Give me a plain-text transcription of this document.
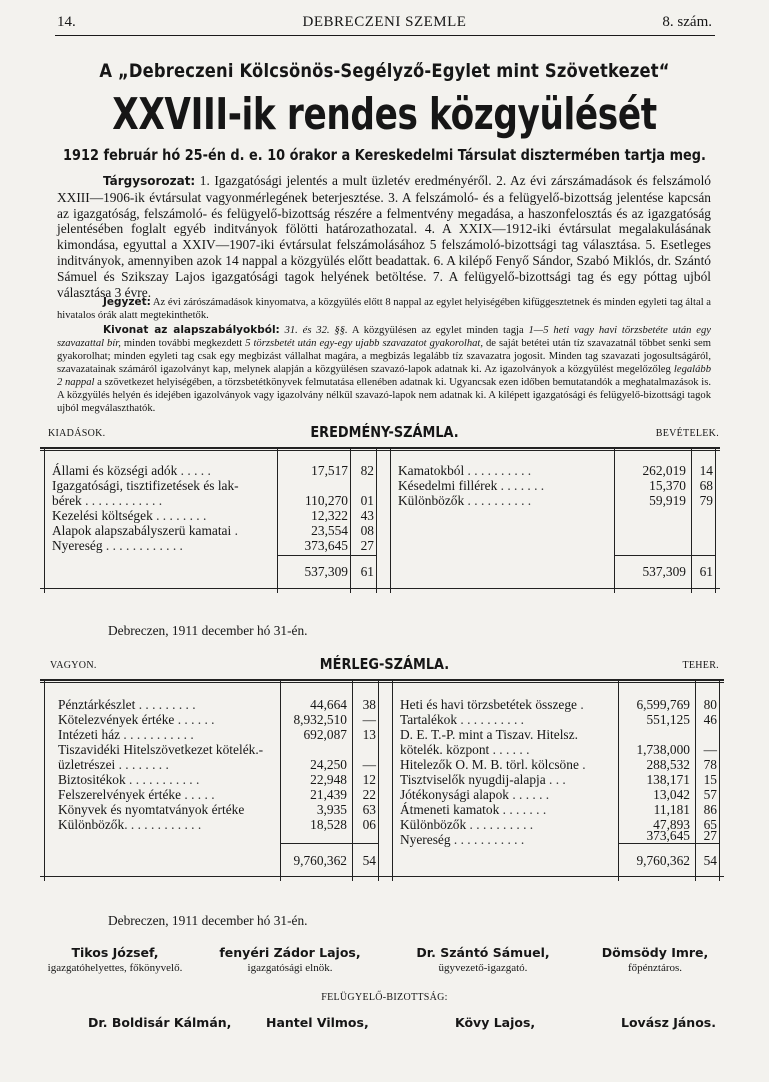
14.	DEBRECZENI SZEMLE	8. szám.
A „Debreczeni Kölcsönös-Segélyző-Egylet mint Szövetkezet“
XXVIII-ik rendes közgyülését
1912 február hó 25-én d. e. 10 órakor a Kereskedelmi Társulat disztermében tartja meg.
Tárgysorozat: 1. Igazgatósági jelentés a mult üzletév eredményéről. 2. Az évi zárszámadások és felszámoló XXIII—1906-ik évtársulat vagyonmérlegének beterjesztése. 3. A felszámoló- és a felügyelő-bizottság jelentése kapcsán az igazgatóság, felszámoló- és felügyelő-bizottság részére a felmentvény megadása, a haszonfelosztás és az igazgatóság jelentésében foglalt egyéb inditványok fölötti határozathozatal. 4. A XXIX—1912-iki évtársulat megalakulásának kimondása, egyuttal a XXIV—1907-iki évtársulat felszámolásához 5 felszámoló-bizottsági tag választása. 5. Esetleges inditványok, amennyiben azok 14 nappal a közgyülés előtt beadattak. 6. A kilépő Fenyő Sándor, Szabó Miklós, dr. Szántó Sámuel és Szikszay Lajos igazgatósági tagok helyének betöltése. 7. A felügyelő-bizottsági tag és egy póttag ujból választása 3 évre.
Jegyzet: Az évi zárószámadások kinyomatva, a közgyülés előtt 8 nappal az egylet helyiségében kifüggesztetnek és minden egyleti tag által a hivatalos órák alatt megtekinthetők.
Kivonat az alapszabályokból: 31. és 32. §§. A közgyülésen az egylet minden tagja 1—5 heti vagy havi törzsbetéte után egy szavazattal bír, minden további megkezdett 5 törzsbetét után egy-egy ujabb szavazatot gyakorolhat, de saját betétei után tíz szavazatnál többet senki sem gyakorolhat; minden egyleti tag csak egy megbizást vállalhat magára, a megbizás legalább tíz szavazatra jogosit. Minden tag szavazati jogosultságáról, szavazatainak számáról igazolványt kap, melynek alapján a közgyülésen szavazó-lapok adatnak ki. Az igazolványok a közgyülést megelőzőleg legalább 2 nappal a szövetkezet helyiségében, a törzsbetétkönyvek felmutatása ellenében adatnak ki. Ugyancsak ezen időben bemutatandók a meghatalmazások is. A közgyülés helyén és idejében igazolványok vagy igazolvány nélkül szavazó-lapok nem adatnak ki. A kilépett igazgatósági és felügyelő-bizottsági tagok ujból megválaszthatók.
KIADÁSOK.	EREDMÉNY-SZÁMLA.	BEVÉTELEK.
Állami és községi adók . . . . .	17,517 82
Igazgatósági, tisztifizetések és lak-
bérek . . . . . . . . . . . .	110,270 01
Kezelési költségek . . . . . . . .	12,322 43
Alapok alapszabályszerü kamatai .	23,554 08
Nyereség . . . . . . . . . . . .	373,645 27
537,309 61
Kamatokból . . . . . . . . . .	262,019	14
Késedelmi fillérek . . . . . . .	15,370	68
Különbözők . . . . . . . . . .	59,919	79
537,309	61
Debreczen, 1911 december hó 31-én.
VAGYON.	MÉRLEG-SZÁMLA.	TEHER.
Pénztárkészlet . . . . . . . . .	44,664	38
Kötelezvények értéke . . . . . .	8,932,510	—
Intézeti ház . . . . . . . . . . .	692,087	13
Tiszavidéki Hitelszövetkezet kötelék.-
üzletrészei . . . . . . . .	24,250	—
Biztositékok . . . . . . . . . . .	22,948	12
Felszerelvények értéke . . . . .	21,439	22
Könyvek és nyomtatványok értéke	3,935	63
Különbözők. . . . . . . . . . . .	18,528	06
9,760,362	54
Heti és havi törzsbetétek összege .	6,599,769	80
Tartalékok . . . . . . . . . .	551,125	46
D. E. T.-P. mint a Tiszav. Hitelsz.
kötelék. központ . . . . . .	1,738,000	—
Hitelezők O. M. B. törl. kölcsöne .	288,532	78
Tisztviselők nyugdij-alapja . . .	138,171	15
Jótékonysági alapok . . . . . .	13,042	57
Átmeneti kamatok . . . . . . .	11,181	86
Különbözők . . . . . . . . . .	47,893	65
Nyereség . . . . . . . . . . .	373,645	27
9,760,362	54
Debreczen, 1911 december hó 31-én.
Tikos József,
igazgatóhelyettes, főkönyvelő.
fenyéri Zádor Lajos,
igazgatósági elnök.
Dr. Szántó Sámuel,
ügyvezető-igazgató.
Dömsödy Imre,
főpénztáros.
FELÜGYELŐ-BIZOTTSÁG:
Dr. Boldisár Kálmán,	Hantel Vilmos,	Kövy Lajos,	Lovász János.
